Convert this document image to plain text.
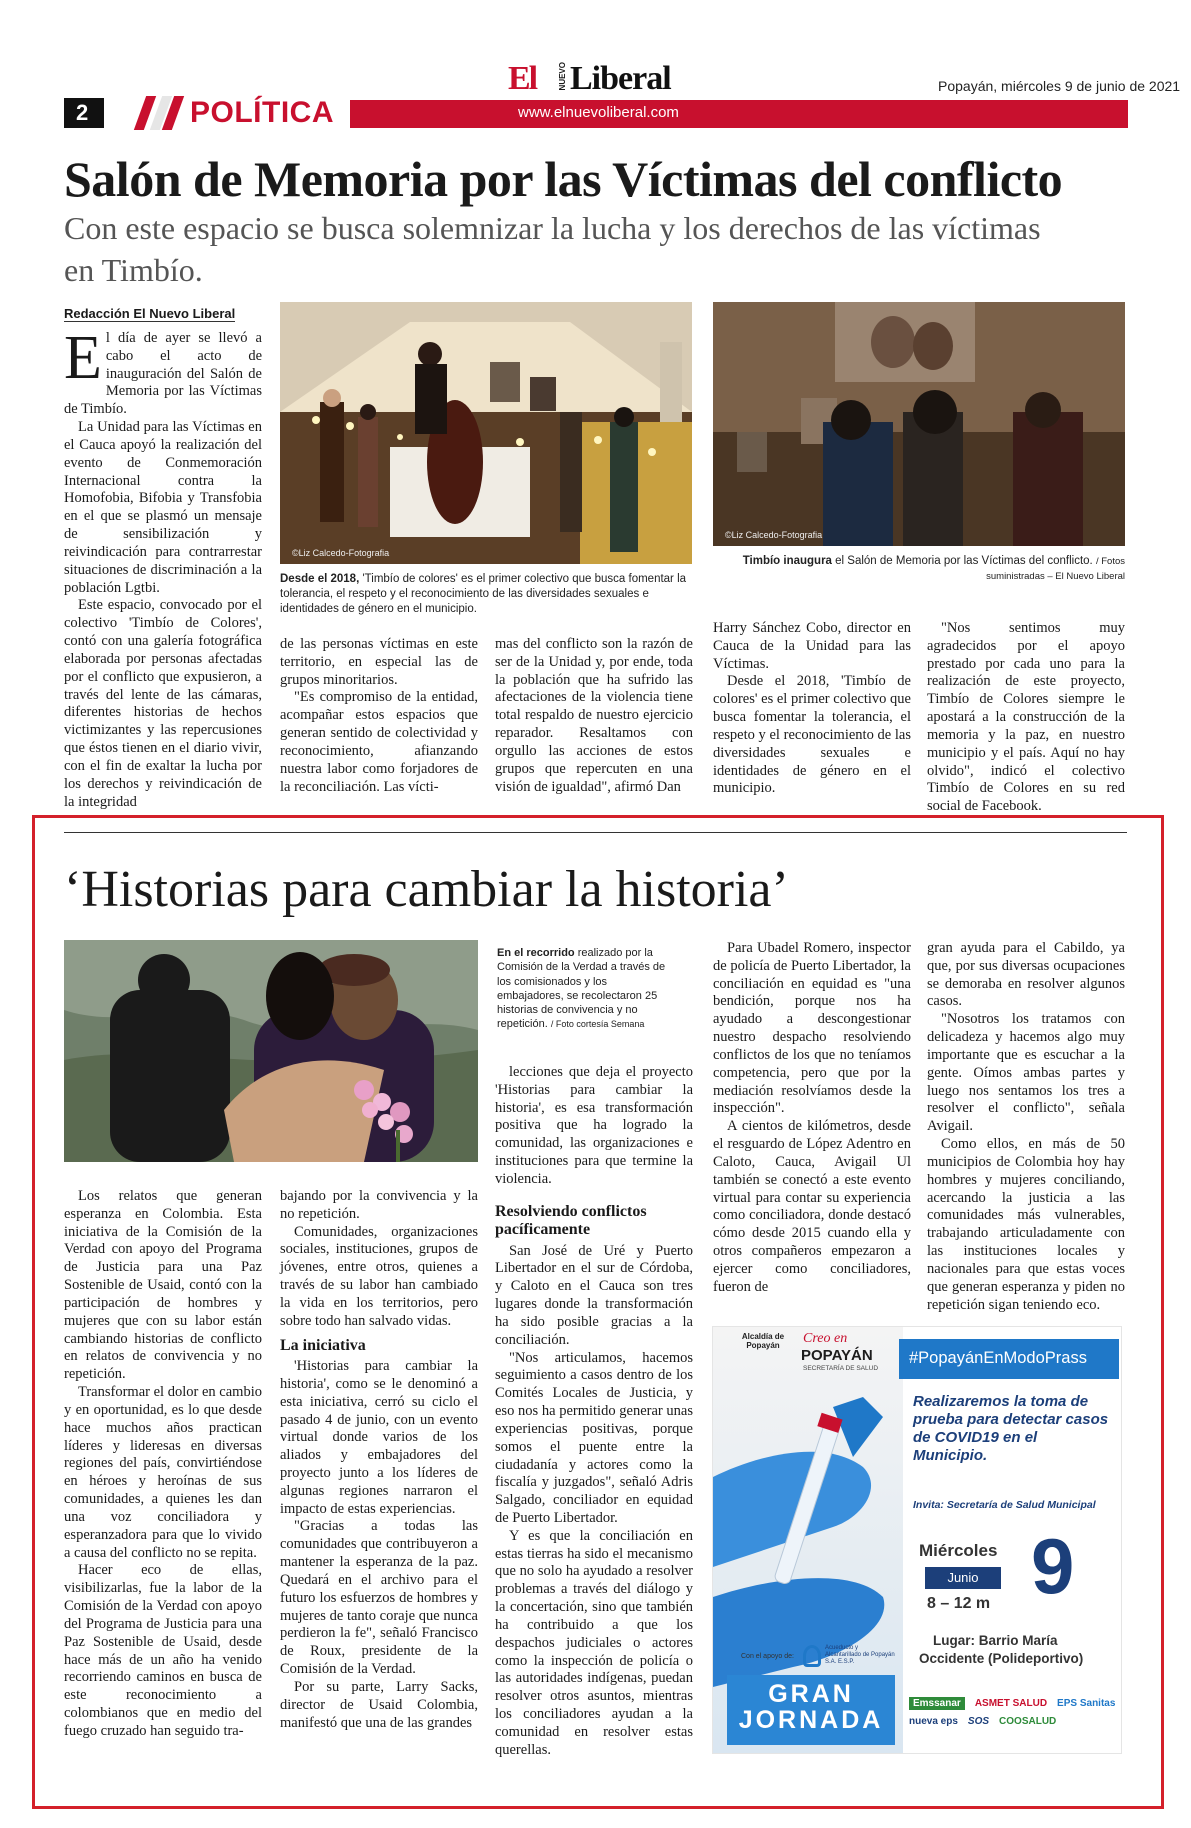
2	POLÍTICA
El	NUEVO Liberal
www.elnuevoliberal.com
Popayán, miércoles 9 de junio de 2021
Salón de Memoria por las Víctimas del conflicto
Con este espacio se busca solemnizar la lucha y los derechos de las víctimas en Timbío.
Redacción El Nuevo Liberal

El día de ayer se llevó a cabo el acto de inauguración del Salón de Memoria por las Víctimas de Timbío.

La Unidad para las Víctimas en el Cauca apoyó la realización del evento de Conmemoración Internacional contra la Homofobia, Bifobia y Transfobia en el que se plasmó un mensaje de sensibilización y reivindicación para contrarrestar situaciones de discriminación a la población Lgtbi.

Este espacio, convocado por el colectivo 'Timbío de Colores', contó con una galería fotográfica elaborada por personas afectadas por el conflicto que expusieron, a través del lente de las cámaras, diferentes historias de hechos victimizantes y las repercusiones que éstos tienen en el diario vivir, con el fin de exaltar la lucha por los derechos y reivindicación de la integridad

©Liz Calcedo-Fotografia
Desde el 2018, 'Timbío de colores' es el primer colectivo que busca fomentar la tolerancia, el respeto y el reconocimiento de las diversidades sexuales e identidades de género en el municipio.
©Liz Calcedo-Fotografia
Timbío inaugura el Salón de Memoria por las Víctimas del conflicto. / Fotos suministradas – El Nuevo Liberal

de las personas víctimas en este territorio, en especial las de grupos minoritarios.

"Es compromiso de la entidad, acompañar estos espacios que generan sentido de colectividad y reconocimiento, afianzando nuestra labor como forjadores de la reconciliación. Las vícti-

mas del conflicto son la razón de ser de la Unidad y, por ende, toda la población que ha sufrido las afectaciones de la violencia tiene total respaldo de nuestro ejercicio reparador. Resaltamos con orgullo las acciones de estos grupos que repercuten en una visión de igualdad", afirmó Dan

Harry Sánchez Cobo, director en Cauca de la Unidad para las Víctimas.

Desde el 2018, 'Timbío de colores' es el primer colectivo que busca fomentar la tolerancia, el respeto y el reconocimiento de las diversidades sexuales e identidades de género en el municipio.

"Nos sentimos muy agradecidos por el apoyo prestado por cada uno para la realización de este proyecto, Timbío de Colores siempre le apostará a la construcción de la memoria y la paz, en nuestro municipio y el país. Aquí no hay olvido", indicó el colectivo Timbío de Colores en su red social de Facebook.

‘Historias para cambiar la historia’
En el recorrido realizado por la Comisión de la Verdad a través de los comisionados y los embajadores, se recolectaron 25 historias de convivencia y no repetición. / Foto cortesía Semana

Los relatos que generan esperanza en Colombia. Esta iniciativa de la Comisión de la Verdad con apoyo del Programa de Justicia para una Paz Sostenible de Usaid, contó con la participación de hombres y mujeres que con su labor están cambiando historias de conflicto en relatos de convivencia y no repetición.

Transformar el dolor en cambio y en oportunidad, es lo que desde hace muchos años practican líderes y lideresas en diversas regiones del país, convirtiéndose en héroes y heroínas de sus comunidades, a quienes les dan una voz conciliadora y esperanzadora para que lo vivido a causa del conflicto no se repita.

Hacer eco de ellas, visibilizarlas, fue la labor de la Comisión de la Verdad con apoyo del Programa de Justicia para una Paz Sostenible de Usaid, desde hace más de un año ha venido recorriendo caminos en busca de este reconocimiento a colombianos que en medio del fuego cruzado han seguido tra-

bajando por la convivencia y la no repetición.

Comunidades, organizaciones sociales, instituciones, grupos de jóvenes, entre otros, quienes a través de su labor han cambiado la vida en los territorios, pero sobre todo han salvado vidas.

La iniciativa

'Historias para cambiar la historia', como se le denominó a esta iniciativa, cerró su ciclo el pasado 4 de junio, con un evento virtual donde varios de los aliados y embajadores del proyecto junto a los líderes de algunas regiones narraron el impacto de estas experiencias.

"Gracias a todas las comunidades que contribuyeron a mantener la esperanza de la paz. Quedará en el archivo para el futuro los esfuerzos de hombres y mujeres de tanto coraje que nunca perdieron la fe", señaló Francisco de Roux, presidente de la Comisión de la Verdad.

Por su parte, Larry Sacks, director de Usaid Colombia, manifestó que una de las grandes

lecciones que deja el proyecto 'Historias para cambiar la historia', es esa transformación positiva que ha logrado la comunidad, las organizaciones e instituciones para que termine la violencia.

Resolviendo conflictos pacíficamente

San José de Uré y Puerto Libertador en el sur de Córdoba, y Caloto en el Cauca son tres lugares donde la transformación ha sido posible gracias a la conciliación.

"Nos articulamos, hacemos seguimiento a casos dentro de los Comités Locales de Justicia, y eso nos ha permitido generar unas experiencias positivas, porque somos el puente entre la ciudadanía y actores como la fiscalía y juzgados", señaló Adris Salgado, conciliador en equidad de Puerto Libertador.

Y es que la conciliación en estas tierras ha sido el mecanismo que no solo ha ayudado a resolver problemas a través del diálogo y la concertación, sino que también ha contribuido a que los despachos judiciales o actores como la inspección de policía o las autoridades indígenas, puedan resolver otros asuntos, mientras los conciliadores ayudan a la comunidad en resolver estas querellas.

Para Ubadel Romero, inspector de policía de Puerto Libertador, la conciliación en equidad es "una bendición, porque nos ha ayudado a descongestionar nuestro despacho resolviendo conflictos de los que no teníamos competencia, pero que por la mediación resolvíamos desde la inspección".

A cientos de kilómetros, desde el resguardo de López Adentro en Caloto, Cauca, Avigail Ul también se conectó a este evento virtual para contar su experiencia como conciliadora, donde destacó cómo desde 2015 cuando ella y otros compañeros empezaron a ejercer como conciliadores, fueron de

gran ayuda para el Cabildo, ya que, por sus diversas ocupaciones se demoraba en resolver algunos casos.

"Nosotros los tratamos con delicadeza y hacemos algo muy importante que es escuchar a la gente. Oímos ambas partes y luego nos sentamos los tres a resolver el conflicto", señala Avigail.

Como ellos, en más de 50 municipios de Colombia hoy hay hombres y mujeres conciliando, acercando la justicia a las comunidades más vulnerables, trabajando articuladamente con las instituciones locales y nacionales para que estas voces que generan esperanza y piden no repetición sigan teniendo eco.

Alcaldía de Popayán	Creo en
POPAYÁN
SECRETARÍA DE SALUD
#PopayánEnModoPrass
Realizaremos la toma de prueba para detectar casos de COVID19 en el Municipio.
Invita: Secretaría de Salud Municipal
Miércoles
Junio
8 – 12 m 9
Lugar: Barrio María
Occidente (Polideportivo)
Con el apoyo de:
Acueducto y Alcantarillado de Popayán S.A. E.S.P.
GRAN
JORNADA
Emssanar	ASMET SALUD EPS Sanitas
nueva eps SOS COOSALUD
